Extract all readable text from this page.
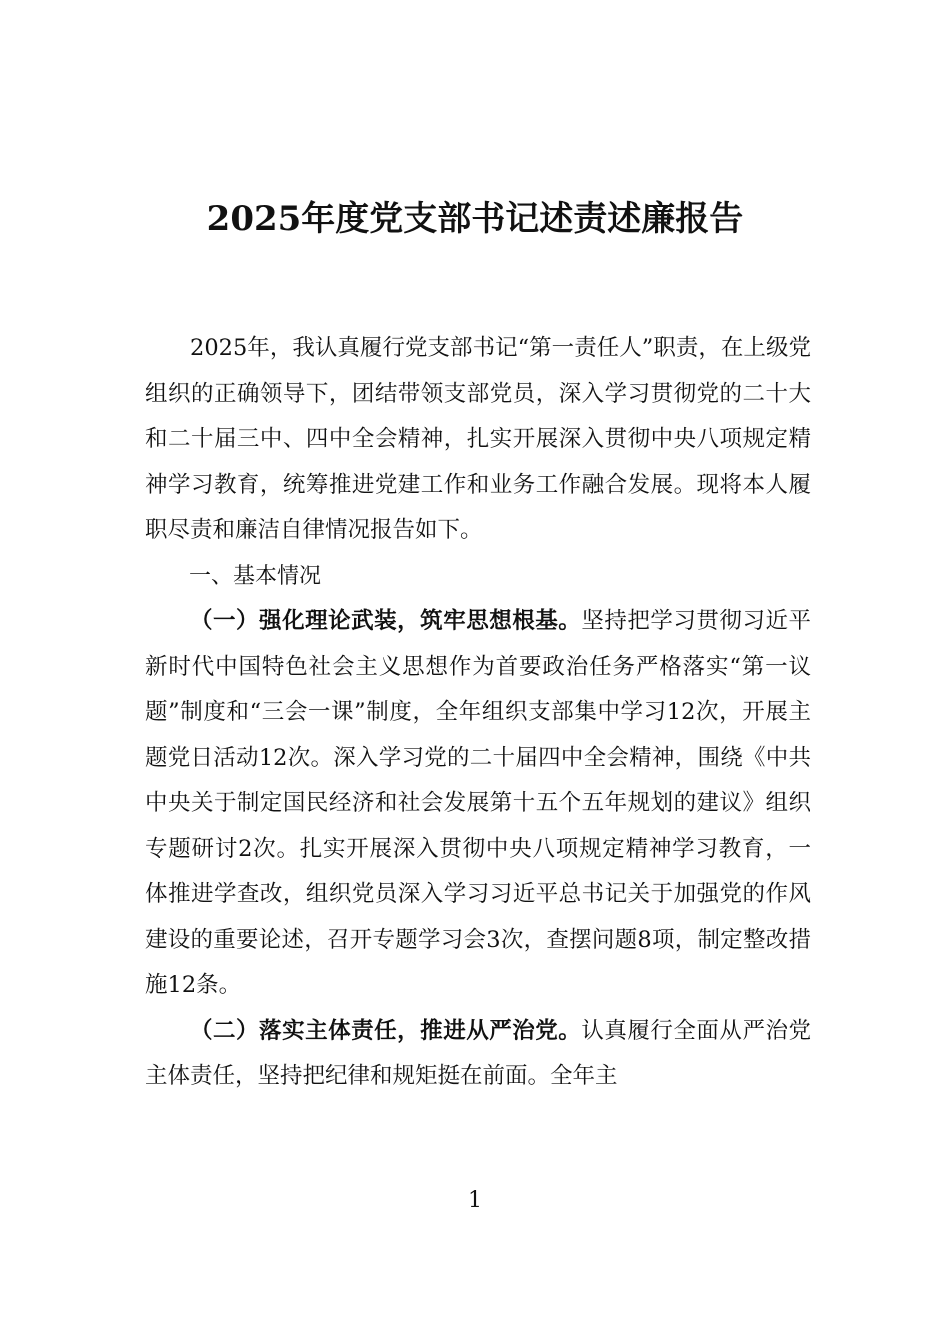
2025年度党支部书记述责述廉报告

2025年，我认真履行党支部书记“第一责任人”职责，在上级党组织的正确领导下，团结带领支部党员，深入学习贯彻党的二十大和二十届三中、四中全会精神，扎实开展深入贯彻中央八项规定精神学习教育，统筹推进党建工作和业务工作融合发展。现将本人履职尽责和廉洁自律情况报告如下。

一、基本情况

（一）强化理论武装，筑牢思想根基。坚持把学习贯彻习近平新时代中国特色社会主义思想作为首要政治任务严格落实“第一议题”制度和“三会一课”制度，全年组织支部集中学习12次，开展主题党日活动12次。深入学习党的二十届四中全会精神，围绕《中共中央关于制定国民经济和社会发展第十五个五年规划的建议》组织专题研讨2次。扎实开展深入贯彻中央八项规定精神学习教育，一体推进学查改，组织党员深入学习习近平总书记关于加强党的作风建设的重要论述，召开专题学习会3次，查摆问题8项，制定整改措施12条。

（二）落实主体责任，推进从严治党。认真履行全面从严治党主体责任，坚持把纪律和规矩挺在前面。全年主

1
